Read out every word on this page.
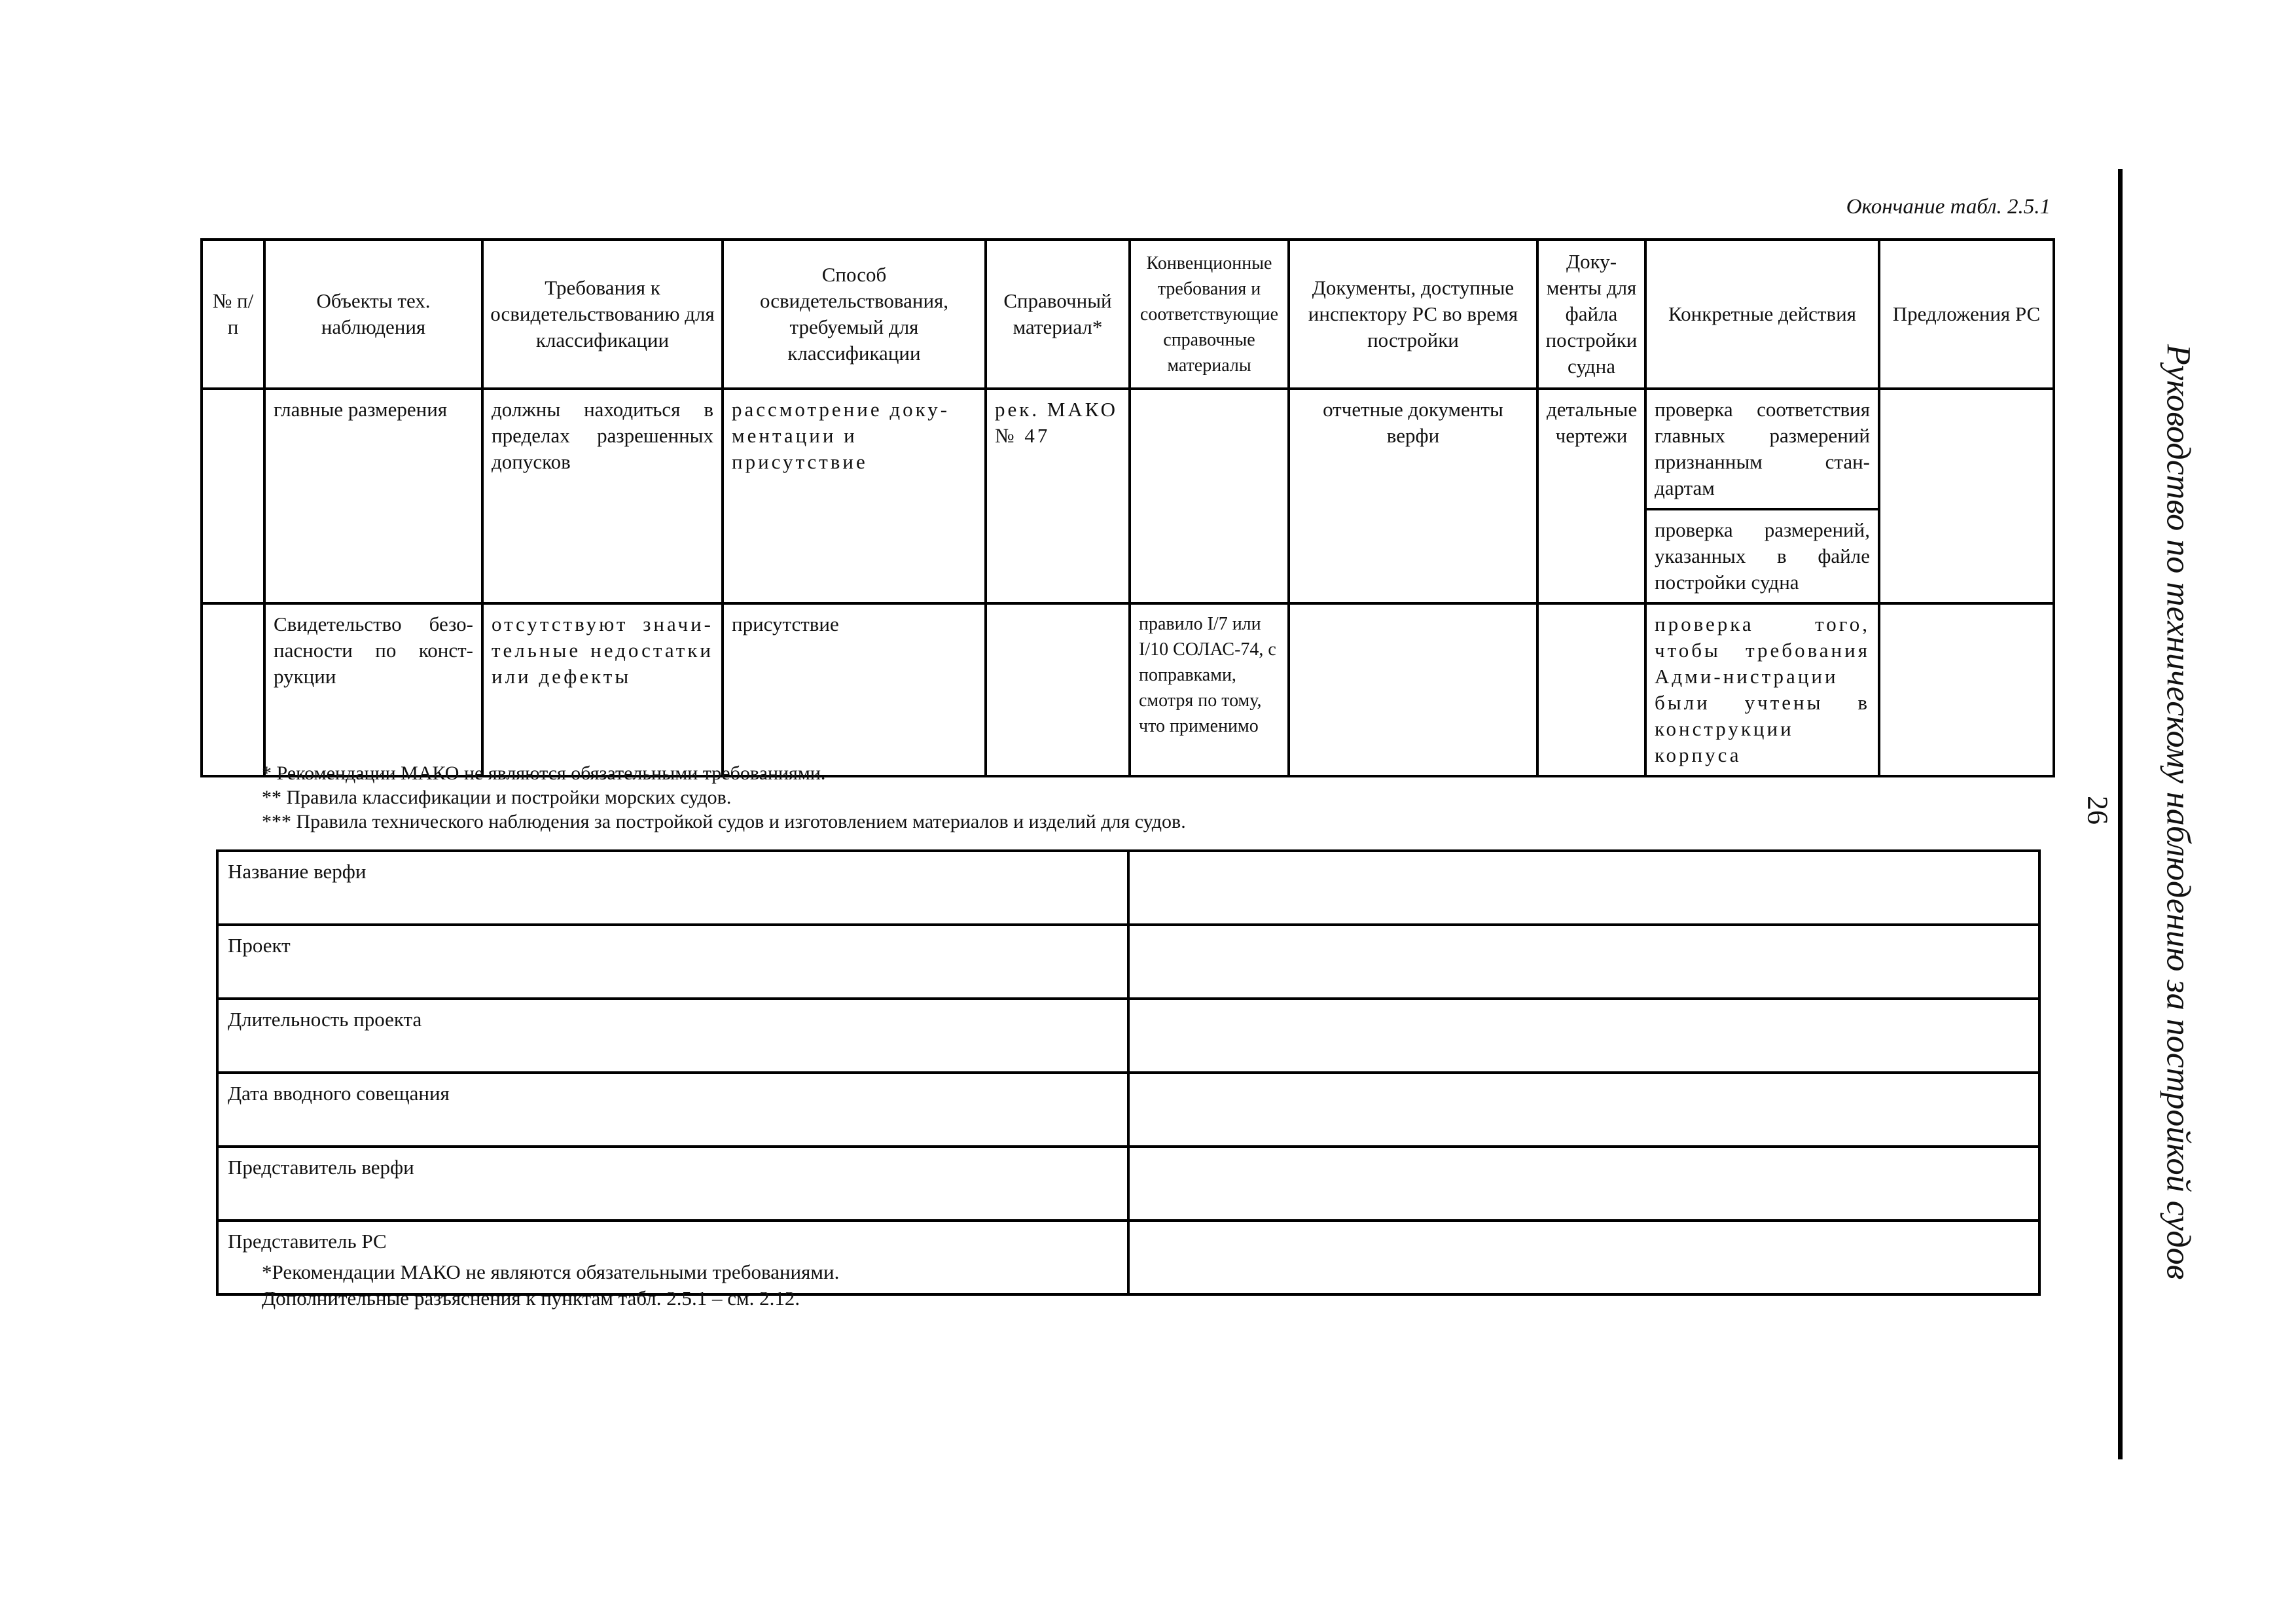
Окончание табл. 2.5.1
№ п/п	Объекты тех. наблюдения	Требования к освидетельствованию для классификации	Способ освидетельствования, требуемый для классификации	Справочный материал*	Конвенционные требования и соответствующие справочные материалы	Документы, доступные инспектору РС во время постройки	Доку-менты для файла постройки судна	Конкретные действия	Предложения РС
	главные размерения	должны находиться в пределах разрешенных допусков	рассмотрение доку-ментации и присутствие	рек. МАКО № 47		отчетные документы верфи	детальные чертежи	проверка соответствия главных размерений признанным стан-дартам	
								проверка размерений, указанных в файле постройки судна	
	Свидетельство безо-пасности по конст-рукции	отсутствуют значи-тельные недостатки или дефекты	присутствие		правило I/7 или I/10 СОЛАС-74, с поправками, смотря по тому, что применимо			проверка того, чтобы требования Адми-нистрации были учтены в конструкции корпуса	
* Рекомендации МАКО не являются обязательными требованиями.
** Правила классификации и постройки морских судов.
*** Правила технического наблюдения за постройкой судов и изготовлением материалов и изделий для судов.
Название верфи	
Проект	
Длительность проекта	
Дата вводного совещания	
Представитель верфи	
Представитель РС	
*Рекомендации МАКО не являются обязательными требованиями.
Дополнительные разъяснения к пунктам табл. 2.5.1 – см. 2.12.
Руководство по техническому наблюдению за постройкой судов
26
